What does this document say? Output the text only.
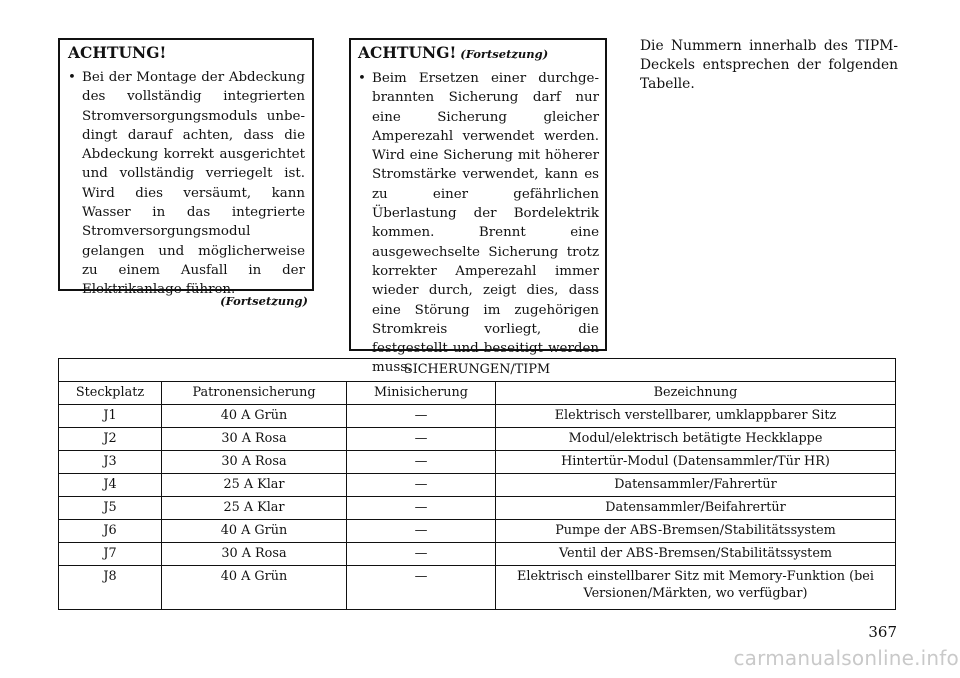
ACHTUNG!
• Bei der Montage der Abdeckung des vollständig integrierten Stromversorgungsmoduls unbedingt darauf achten, dass die Abdeckung korrekt ausgerichtet und vollständig verriegelt ist. Wird dies versäumt, kann Wasser in das integrierte Stromversorgungsmodul gelangen und möglicherweise zu einem Ausfall in der Elektrikanlage führen.
(Fortsetzung)
ACHTUNG! (Fortsetzung)
• Beim Ersetzen einer durchgebrannten Sicherung darf nur eine Sicherung gleicher Amperezahl verwendet werden. Wird eine Sicherung mit höherer Stromstärke verwendet, kann es zu einer gefährlichen Überlastung der Bordelektrik kommen. Brennt eine ausgewechselte Sicherung trotz korrekter Amperezahl immer wieder durch, zeigt dies, dass eine Störung im zugehörigen Stromkreis vorliegt, die festgestellt und beseitigt werden muss.
Die Nummern innerhalb des TIPM-Deckels entsprechen der folgenden Tabelle.
SICHERUNGEN/TIPM			
Steckplatz	Patronensicherung	Minisicherung	Bezeichnung
J1	40 A Grün	—	Elektrisch verstellbarer, umklappbarer Sitz
J2	30 A Rosa	—	Modul/elektrisch betätigte Heckklappe
J3	30 A Rosa	—	Hintertür-Modul (Datensammler/Tür HR)
J4	25 A Klar	—	Datensammler/Fahrertür
J5	25 A Klar	—	Datensammler/Beifahrertür
J6	40 A Grün	—	Pumpe der ABS-Bremsen/Stabilitätssystem
J7	30 A Rosa	—	Ventil der ABS-Bremsen/Stabilitätssystem
J8	40 A Grün	—	Elektrisch einstellbarer Sitz mit Memory-Funktion (bei Versionen/Märkten, wo verfügbar)
367
carmanualsonline.info
